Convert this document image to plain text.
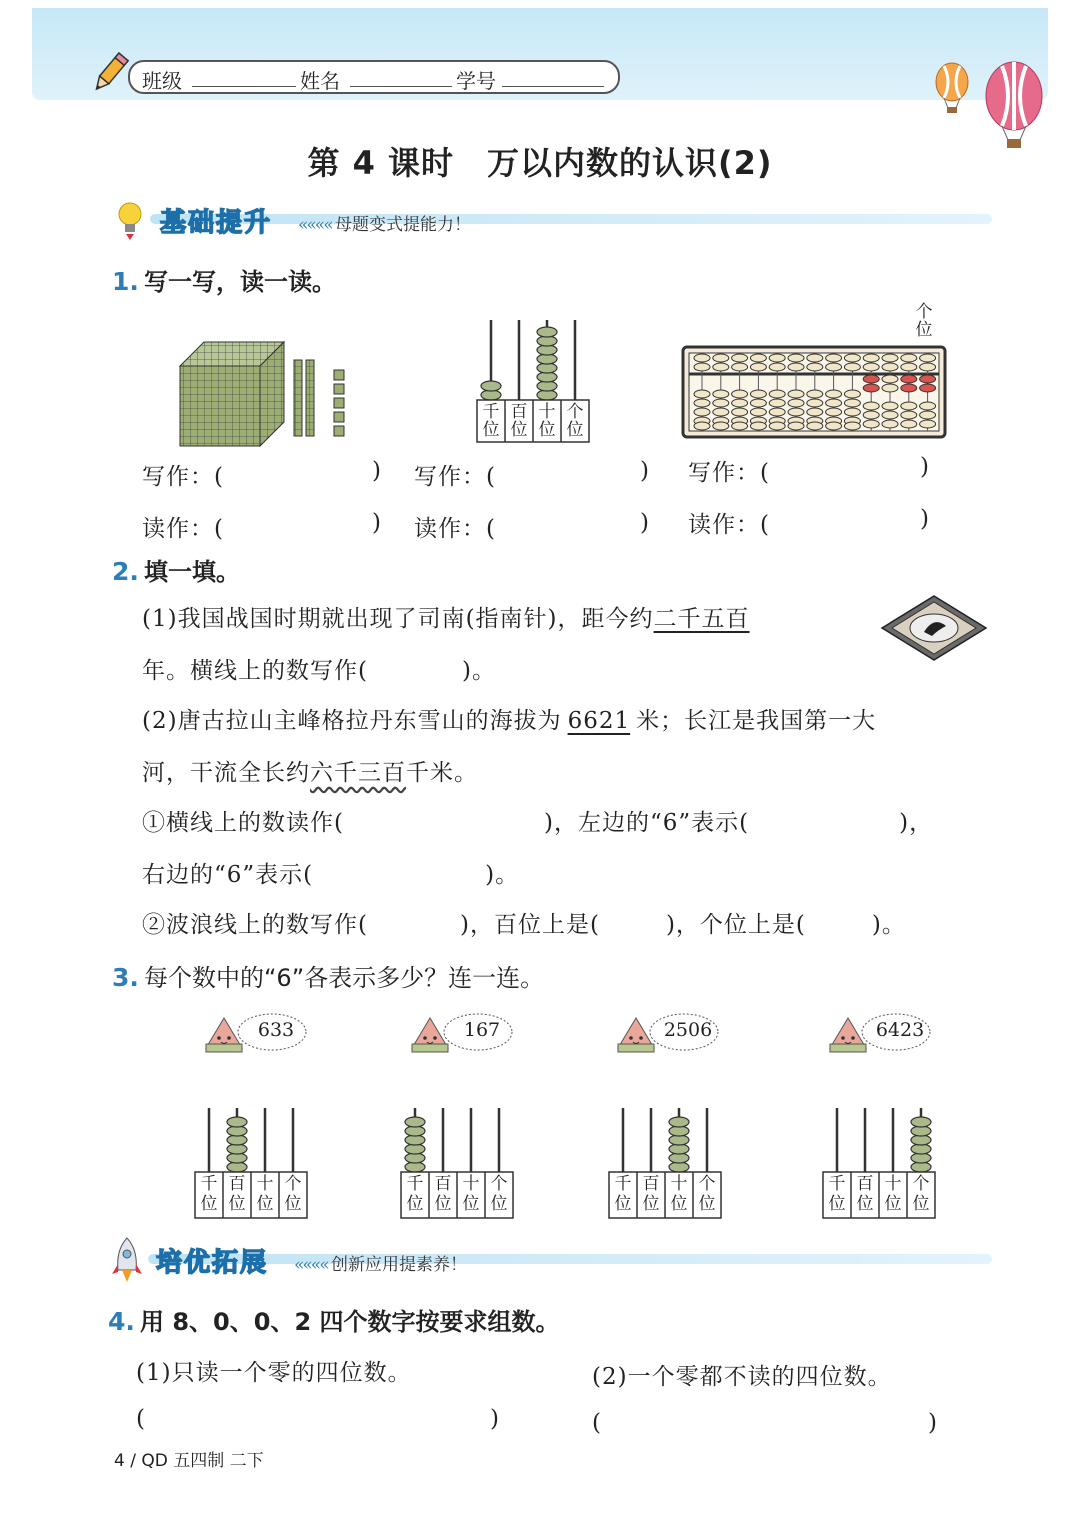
班级	姓名	学号
第 4 课时　万以内数的认识(2)
基础提升 «««« 母题变式提能力！
1. 写一写，读一读。
千位
百位
十位
个位
个位
写作：(	)
读作：(	)
写作：(	)
读作：(	)
写作：(	)
读作：(	)
2. 填一填。
(1)我国战国时期就出现了司南(指南针)，距今约二千五百
年。横线上的数写作(	)。
(2)唐古拉山主峰格拉丹东雪山的海拔为 6621 米；长江是我国第一大
河，干流全长约六千三百千米。
①横线上的数读作(	)，左边的“6”表示(	)，
右边的“6”表示(	)。
②波浪线上的数写作(	)，百位上是(	)，个位上是(	)。
3. 每个数中的“6”各表示多少？连一连。
633	167	2506	6423
千位
百位
十位
个位
千位
百位
十位
个位
千位
百位
十位
个位
千位
百位
十位
个位
培优拓展 «««« 创新应用提素养！
4. 用 8、0、0、2 四个数字按要求组数。
(1)只读一个零的四位数。	(2)一个零都不读的四位数。
(	)	(	)
4 / QD 五四制 二下
